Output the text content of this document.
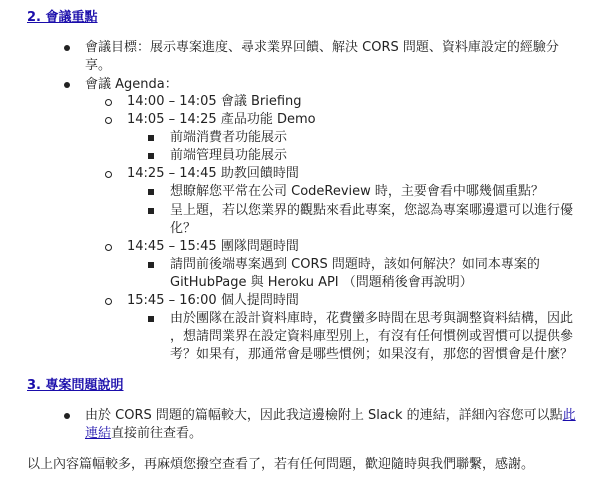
2. 會議重點
會議目標：展示專案進度、尋求業界回饋、解決 CORS 問題、資料庫設定的經驗分
享。
會議 Agenda：
14:00 – 14:05 會議 Briefing
14:05 – 14:25 產品功能 Demo
前端消費者功能展示
前端管理員功能展示
14:25 – 14:45 助教回饋時間
想瞭解您平常在公司 CodeReview 時，主要會看中哪幾個重點？
呈上題，若以您業界的觀點來看此專案，您認為專案哪邊還可以進行優
化？
14:45 – 15:45 團隊問題時間
請問前後端專案遇到 CORS 問題時，該如何解決？如同本專案的
GitHubPage 與 Heroku API （問題稍後會再說明）
15:45 – 16:00 個人提問時間
由於團隊在設計資料庫時，花費蠻多時間在思考與調整資料結構，因此
，想請問業界在設定資料庫型別上，有沒有任何慣例或習慣可以提供參
考？如果有，那通常會是哪些慣例；如果沒有，那您的習慣會是什麼？
3. 專案問題說明
由於 CORS 問題的篇幅較大，因此我這邊檢附上 Slack 的連結，詳細內容您可以點此
連結直接前往查看。
以上內容篇幅較多，再麻煩您撥空查看了，若有任何問題，歡迎隨時與我們聯繫，感謝。
